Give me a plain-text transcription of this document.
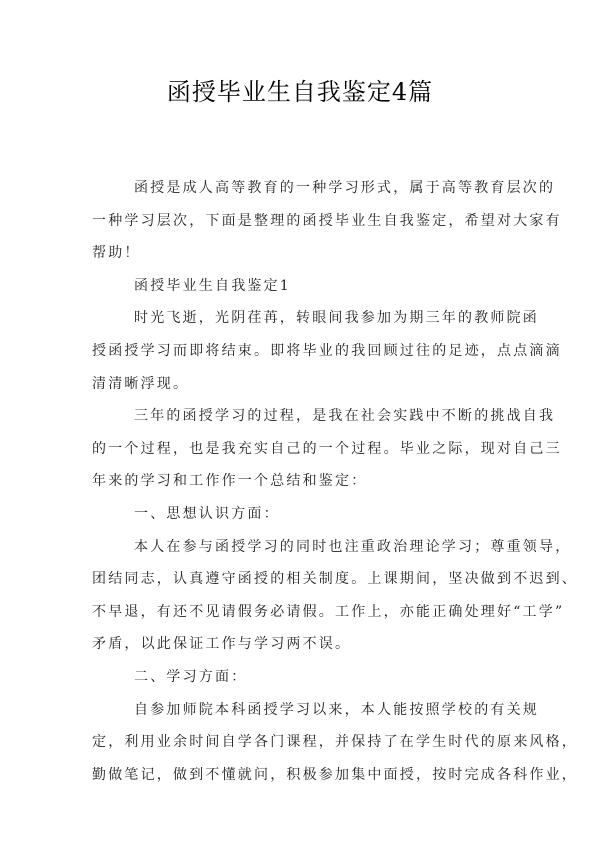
函授毕业生自我鉴定4篇
函授是成人高等教育的一种学习形式，属于高等教育层次的
一种学习层次，下面是整理的函授毕业生自我鉴定，希望对大家有
帮助！
函授毕业生自我鉴定1
时光飞逝，光阴荏苒，转眼间我参加为期三年的教师院函
授函授学习而即将结束。即将毕业的我回顾过往的足迹，点点滴滴
清清晰浮现。
三年的函授学习的过程，是我在社会实践中不断的挑战自我
的一个过程，也是我充实自己的一个过程。毕业之际，现对自己三
年来的学习和工作作一个总结和鉴定：
一、思想认识方面：
本人在参与函授学习的同时也注重政治理论学习；尊重领导，
团结同志，认真遵守函授的相关制度。上课期间，坚决做到不迟到、
不早退，有还不见请假务必请假。工作上，亦能正确处理好“工学”
矛盾，以此保证工作与学习两不误。
二、学习方面：
自参加师院本科函授学习以来，本人能按照学校的有关规
定，利用业余时间自学各门课程，并保持了在学生时代的原来风格，
勤做笔记，做到不懂就问，积极参加集中面授，按时完成各科作业，
